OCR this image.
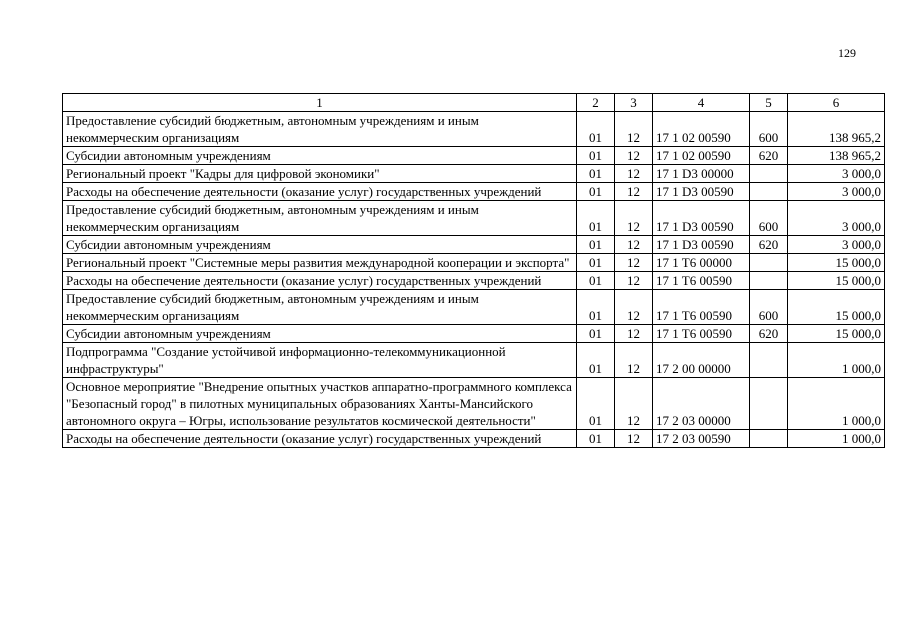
129
1	2	3	4	5	6
Предоставление субсидий бюджетным, автономным учреждениям и иным некоммерческим организациям	01	12	17 1 02 00590	600	138 965,2
Субсидии автономным учреждениям	01	12	17 1 02 00590	620	138 965,2
Региональный проект "Кадры для цифровой экономики"	01	12	17 1 D3 00000		3 000,0
Расходы на обеспечение деятельности (оказание услуг) государственных учреждений	01	12	17 1 D3 00590		3 000,0
Предоставление субсидий бюджетным, автономным учреждениям и иным некоммерческим организациям	01	12	17 1 D3 00590	600	3 000,0
Субсидии автономным учреждениям	01	12	17 1 D3 00590	620	3 000,0
Региональный проект "Системные меры развития международной кооперации и экспорта"	01	12	17 1 T6 00000		15 000,0
Расходы на обеспечение деятельности (оказание услуг) государственных учреждений	01	12	17 1 T6 00590		15 000,0
Предоставление субсидий бюджетным, автономным учреждениям и иным некоммерческим организациям	01	12	17 1 T6 00590	600	15 000,0
Субсидии автономным учреждениям	01	12	17 1 T6 00590	620	15 000,0
Подпрограмма "Создание устойчивой информационно-телекоммуникационной инфраструктуры"	01	12	17 2 00 00000		1 000,0
Основное мероприятие "Внедрение опытных участков аппаратно-программного комплекса "Безопасный город" в пилотных муниципальных образованиях Ханты-Мансийского автономного округа – Югры, использование результатов космической деятельности"	01	12	17 2 03 00000		1 000,0
Расходы на обеспечение деятельности (оказание услуг) государственных учреждений	01	12	17 2 03 00590		1 000,0
